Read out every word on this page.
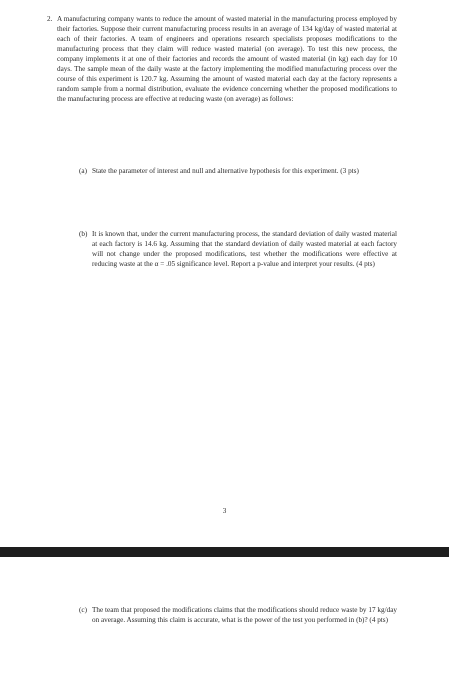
2. A manufacturing company wants to reduce the amount of wasted material in the manufacturing process employed by their factories. Suppose their current manufacturing process results in an average of 134 kg/day of wasted material at each of their factories. A team of engineers and operations research specialists proposes modifications to the manufacturing process that they claim will reduce wasted material (on average). To test this new process, the company implements it at one of their factories and records the amount of wasted material (in kg) each day for 10 days. The sample mean of the daily waste at the factory implementing the modified manufacturing process over the course of this experiment is 120.7 kg. Assuming the amount of wasted material each day at the factory represents a random sample from a normal distribution, evaluate the evidence concerning whether the proposed modifications to the manufacturing process are effective at reducing waste (on average) as follows:
(a) State the parameter of interest and null and alternative hypothesis for this experiment. (3 pts)
(b) It is known that, under the current manufacturing process, the standard deviation of daily wasted material at each factory is 14.6 kg. Assuming that the standard deviation of daily wasted material at each factory will not change under the proposed modifications, test whether the modifications were effective at reducing waste at the α = .05 significance level. Report a p-value and interpret your results. (4 pts)
3
(c) The team that proposed the modifications claims that the modifications should reduce waste by 17 kg/day on average. Assuming this claim is accurate, what is the power of the test you performed in (b)? (4 pts)
